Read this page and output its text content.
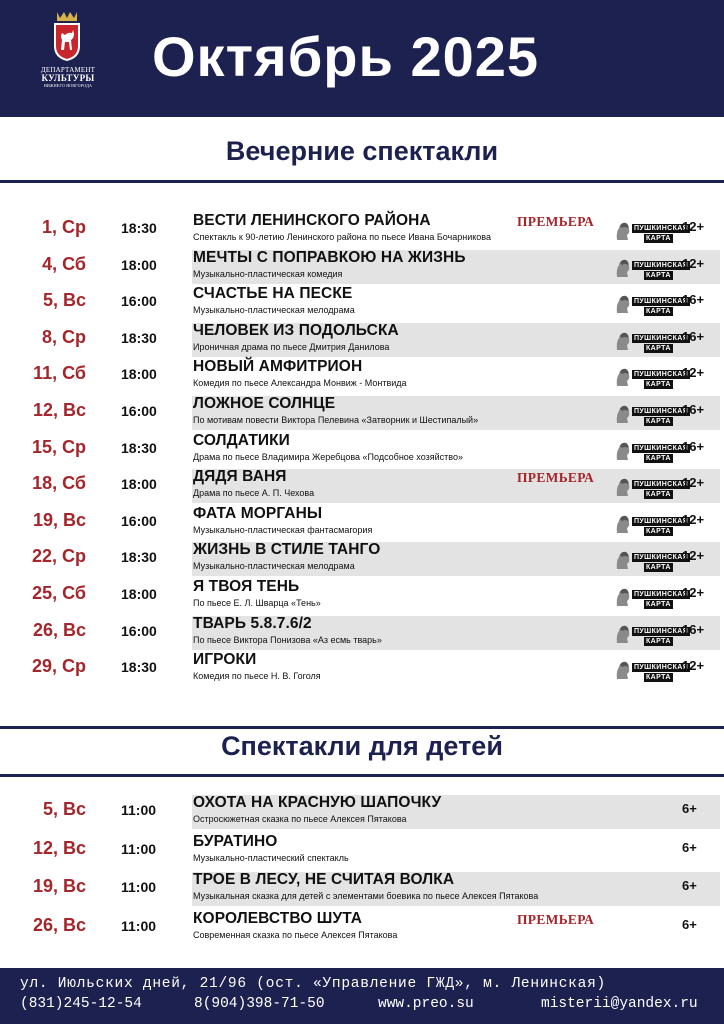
ДЕПАРТАМЕНТ
КУЛЬТУРЫ
НИЖНЕГО НОВГОРОДА Октябрь 2025
Вечерние спектакли
1, Ср	18:30 ВЕСТИ ЛЕНИНСКОГО РАЙОНА
Спектакль к 90-летию Ленинского района по пьесе Ивана Бочарникова
ПРЕМЬЕРА	ПУШКИНСКАЯ
КАРТА
12+
4, Сб	18:00 МЕЧТЫ С ПОПРАВКОЮ НА ЖИЗНЬ
Музыкально-пластическая комедия
ПУШКИНСКАЯ
КАРТА
12+
5, Вс	16:00 СЧАСТЬЕ НА ПЕСКЕ
Музыкально-пластическая мелодрама
ПУШКИНСКАЯ
КАРТА
16+
8, Ср	18:30 ЧЕЛОВЕК ИЗ ПОДОЛЬСКА
Ироничная драма по пьесе Дмитрия Данилова
ПУШКИНСКАЯ
КАРТА
16+
11, Сб	18:00 НОВЫЙ АМФИТРИОН
Комедия по пьесе Александра Монвиж - Монтвида
ПУШКИНСКАЯ
КАРТА
12+
12, Вс	16:00 ЛОЖНОЕ СОЛНЦЕ
По мотивам повести Виктора Пелевина «Затворник и Шестипалый»
ПУШКИНСКАЯ
КАРТА
16+
15, Ср	18:30 СОЛДАТИКИ
Драма по пьесе Владимира Жеребцова «Подсобное хозяйство»
ПУШКИНСКАЯ
КАРТА
16+
18, Сб	18:00 ДЯДЯ ВАНЯ
Драма по пьесе А. П. Чехова
ПРЕМЬЕРА	ПУШКИНСКАЯ
КАРТА
12+
19, Вс	16:00 ФАТА МОРГАНЫ
Музыкально-пластическая фантасмагория
ПУШКИНСКАЯ
КАРТА
12+
22, Ср	18:30 ЖИЗНЬ В СТИЛЕ ТАНГО
Музыкально-пластическая мелодрама
ПУШКИНСКАЯ
КАРТА
12+
25, Сб	18:00 Я ТВОЯ ТЕНЬ
По пьесе Е. Л. Шварца «Тень»
ПУШКИНСКАЯ
КАРТА
12+
26, Вс	16:00 ТВАРЬ 5.8.7.6/2
По пьесе Виктора Понизова «Аз есмь тварь»
ПУШКИНСКАЯ
КАРТА
16+
29, Ср	18:30 ИГРОКИ
Комедия по пьесе Н. В. Гоголя
ПУШКИНСКАЯ
КАРТА
12+
Спектакли для детей
5, Вс	11:00 ОХОТА НА КРАСНУЮ ШАПОЧКУ
Остросюжетная сказка по пьесе Алексея Пятакова
6+
12, Вс	11:00 БУРАТИНО
Музыкально-пластический спектакль
6+
19, Вс	11:00 ТРОЕ В ЛЕСУ, НЕ СЧИТАЯ ВОЛКА
Музыкальная сказка для детей с элементами боевика по пьесе Алексея Пятакова
6+
26, Вс	11:00 КОРОЛЕВСТВО ШУТА
Современная сказка по пьесе Алексея Пятакова
ПРЕМЬЕРА	6+
ул. Июльских дней, 21/96 (ост. «Управление ГЖД», м. Ленинская)
(831)245-12-54	8(904)398-71-50	www.preo.su	misterii@yandex.ru
